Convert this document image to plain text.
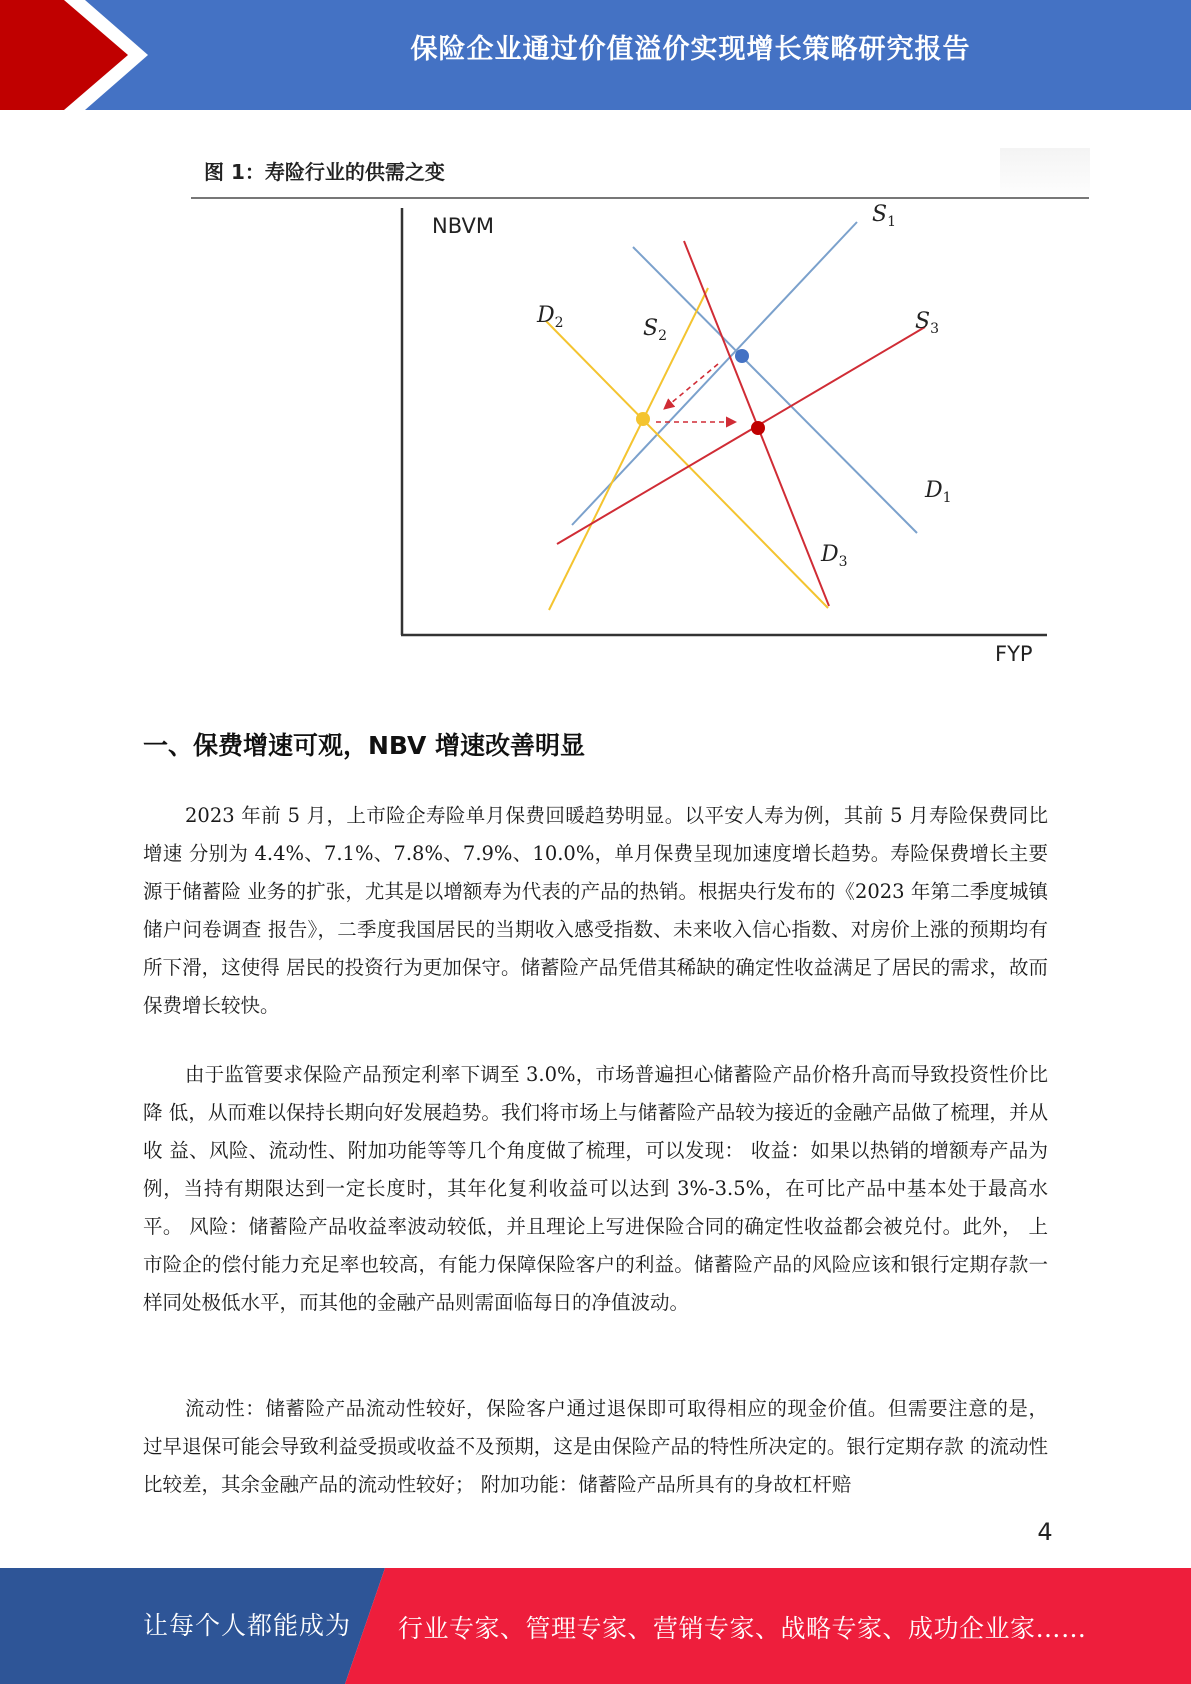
保险企业通过价值溢价实现增长策略研究报告
图 1：寿险行业的供需之变
NBVM
FYP
$S_1$
$D_1$
$S_2$
$D_2$	$S_3$
$D_3$
一、保费增速可观，NBV 增速改善明显

2023 年前 5 月，上市险企寿险单月保费回暖趋势明显。以平安人寿为例，其前 5 月寿险保费同比增速 分别为 4.4%、7.1%、7.8%、7.9%、10.0%，单月保费呈现加速度增长趋势。寿险保费增长主要源于储蓄险 业务的扩张，尤其是以增额寿为代表的产品的热销。根据央行发布的《2023 年第二季度城镇储户问卷调查 报告》，二季度我国居民的当期收入感受指数、未来收入信心指数、对房价上涨的预期均有所下滑，这使得 居民的投资行为更加保守。储蓄险产品凭借其稀缺的确定性收益满足了居民的需求，故而保费增长较快。

由于监管要求保险产品预定利率下调至 3.0%，市场普遍担心储蓄险产品价格升高而导致投资性价比降 低，从而难以保持长期向好发展趋势。我们将市场上与储蓄险产品较为接近的金融产品做了梳理，并从收 益、风险、流动性、附加功能等等几个角度做了梳理，可以发现： 收益：如果以热销的增额寿产品为例，当持有期限达到一定长度时，其年化复利收益可以达到 3%-3.5%，在可比产品中基本处于最高水平。 风险：储蓄险产品收益率波动较低，并且理论上写进保险合同的确定性收益都会被兑付。此外， 上市险企的偿付能力充足率也较高，有能力保障保险客户的利益。储蓄险产品的风险应该和银行定期存款一样同处极低水平，而其他的金融产品则需面临每日的净值波动。

流动性：储蓄险产品流动性较好，保险客户通过退保即可取得相应的现金价值。但需要注意的是， 过早退保可能会导致利益受损或收益不及预期，这是由保险产品的特性所决定的。银行定期存款 的流动性比较差，其余金融产品的流动性较好； 附加功能：储蓄险产品所具有的身故杠杆赔

4
让每个人都能成为 行业专家、管理专家、营销专家、战略专家、成功企业家……
